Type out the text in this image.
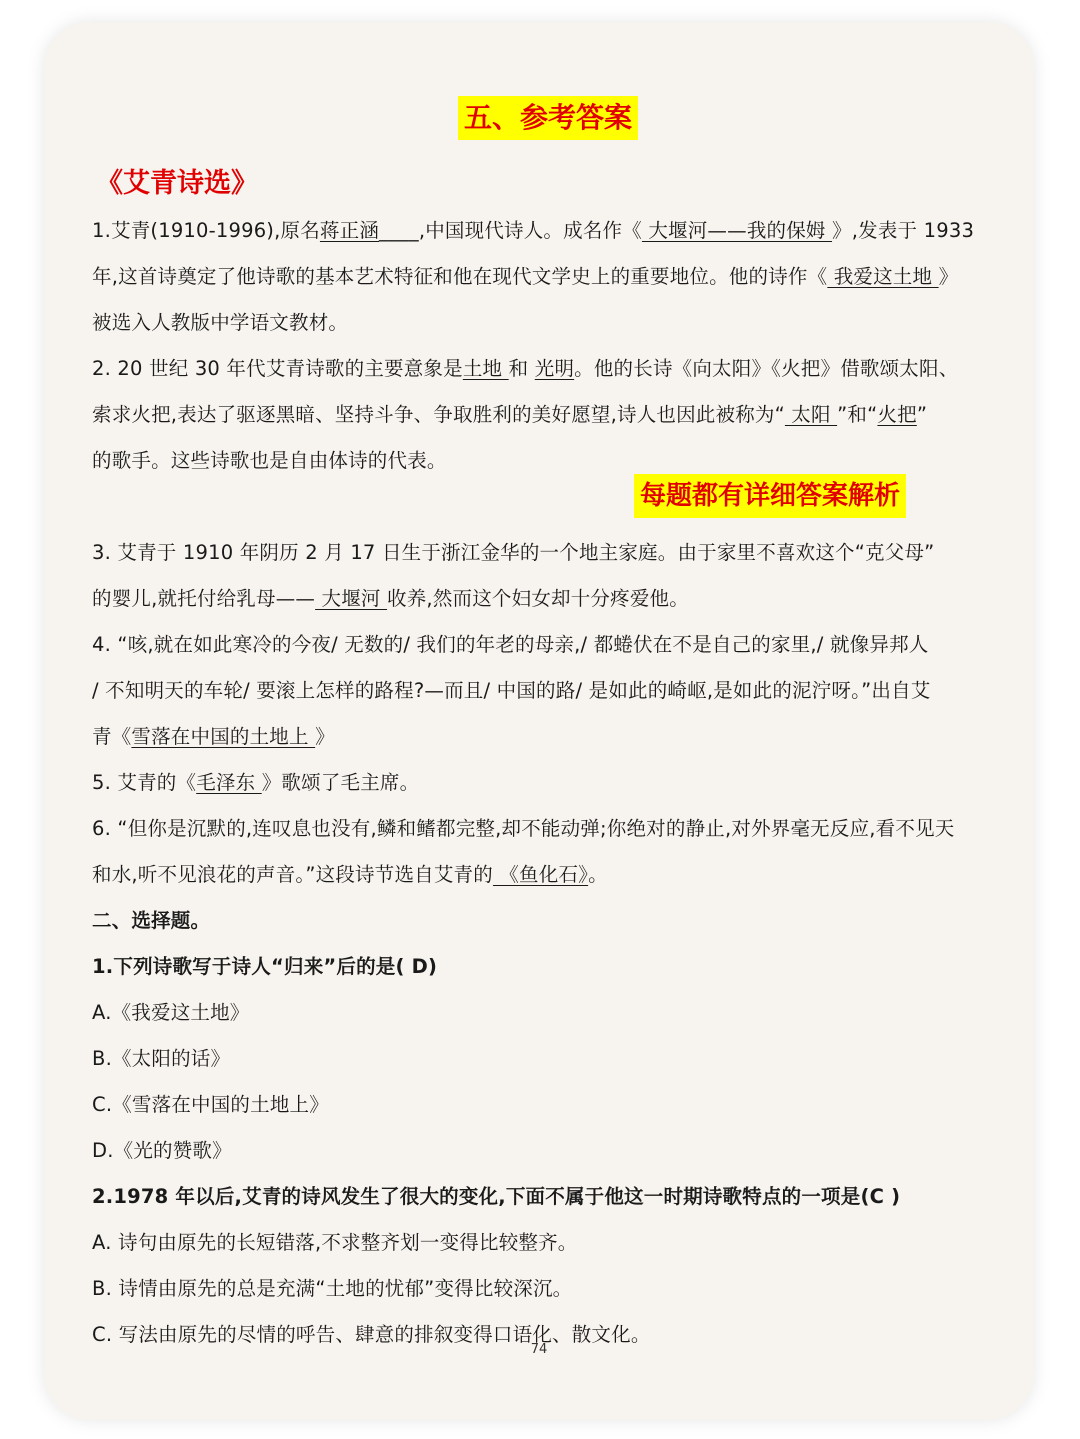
五、参考答案
《艾青诗选》
1.艾青(1910-1996),原名蒋正涵____,中国现代诗人。成名作《 大堰河——我的保姆 》,发表于 1933
年,这首诗奠定了他诗歌的基本艺术特征和他在现代文学史上的重要地位。他的诗作《 我爱这土地 》
被选入人教版中学语文教材。
2. 20 世纪 30 年代艾青诗歌的主要意象是土地 和 光明。他的长诗《向太阳》《火把》借歌颂太阳、
索求火把,表达了驱逐黑暗、坚持斗争、争取胜利的美好愿望,诗人也因此被称为“ 太阳 ”和“火把”
的歌手。这些诗歌也是自由体诗的代表。
每题都有详细答案解析
3. 艾青于 1910 年阴历 2 月 17 日生于浙江金华的一个地主家庭。由于家里不喜欢这个“克父母”
的婴儿,就托付给乳母—— 大堰河 收养,然而这个妇女却十分疼爱他。
4. “咳,就在如此寒冷的今夜/ 无数的/ 我们的年老的母亲,/ 都蜷伏在不是自己的家里,/ 就像异邦人
/ 不知明天的车轮/ 要滚上怎样的路程?—而且/ 中国的路/ 是如此的崎岖,是如此的泥泞呀。”出自艾
青《雪落在中国的土地上 》
5. 艾青的《毛泽东 》歌颂了毛主席。
6. “但你是沉默的,连叹息也没有,鳞和鳍都完整,却不能动弹;你绝对的静止,对外界毫无反应,看不见天
和水,听不见浪花的声音。”这段诗节选自艾青的 《鱼化石》。
二、选择题。
1.下列诗歌写于诗人“归来”后的是( D)
A.《我爱这土地》
B.《太阳的话》
C.《雪落在中国的土地上》
D.《光的赞歌》
2.1978 年以后,艾青的诗风发生了很大的变化,下面不属于他这一时期诗歌特点的一项是(C )
A. 诗句由原先的长短错落,不求整齐划一变得比较整齐。
B. 诗情由原先的总是充满“土地的忧郁”变得比较深沉。
C. 写法由原先的尽情的呼告、肆意的排叙变得口语化、散文化。
74
